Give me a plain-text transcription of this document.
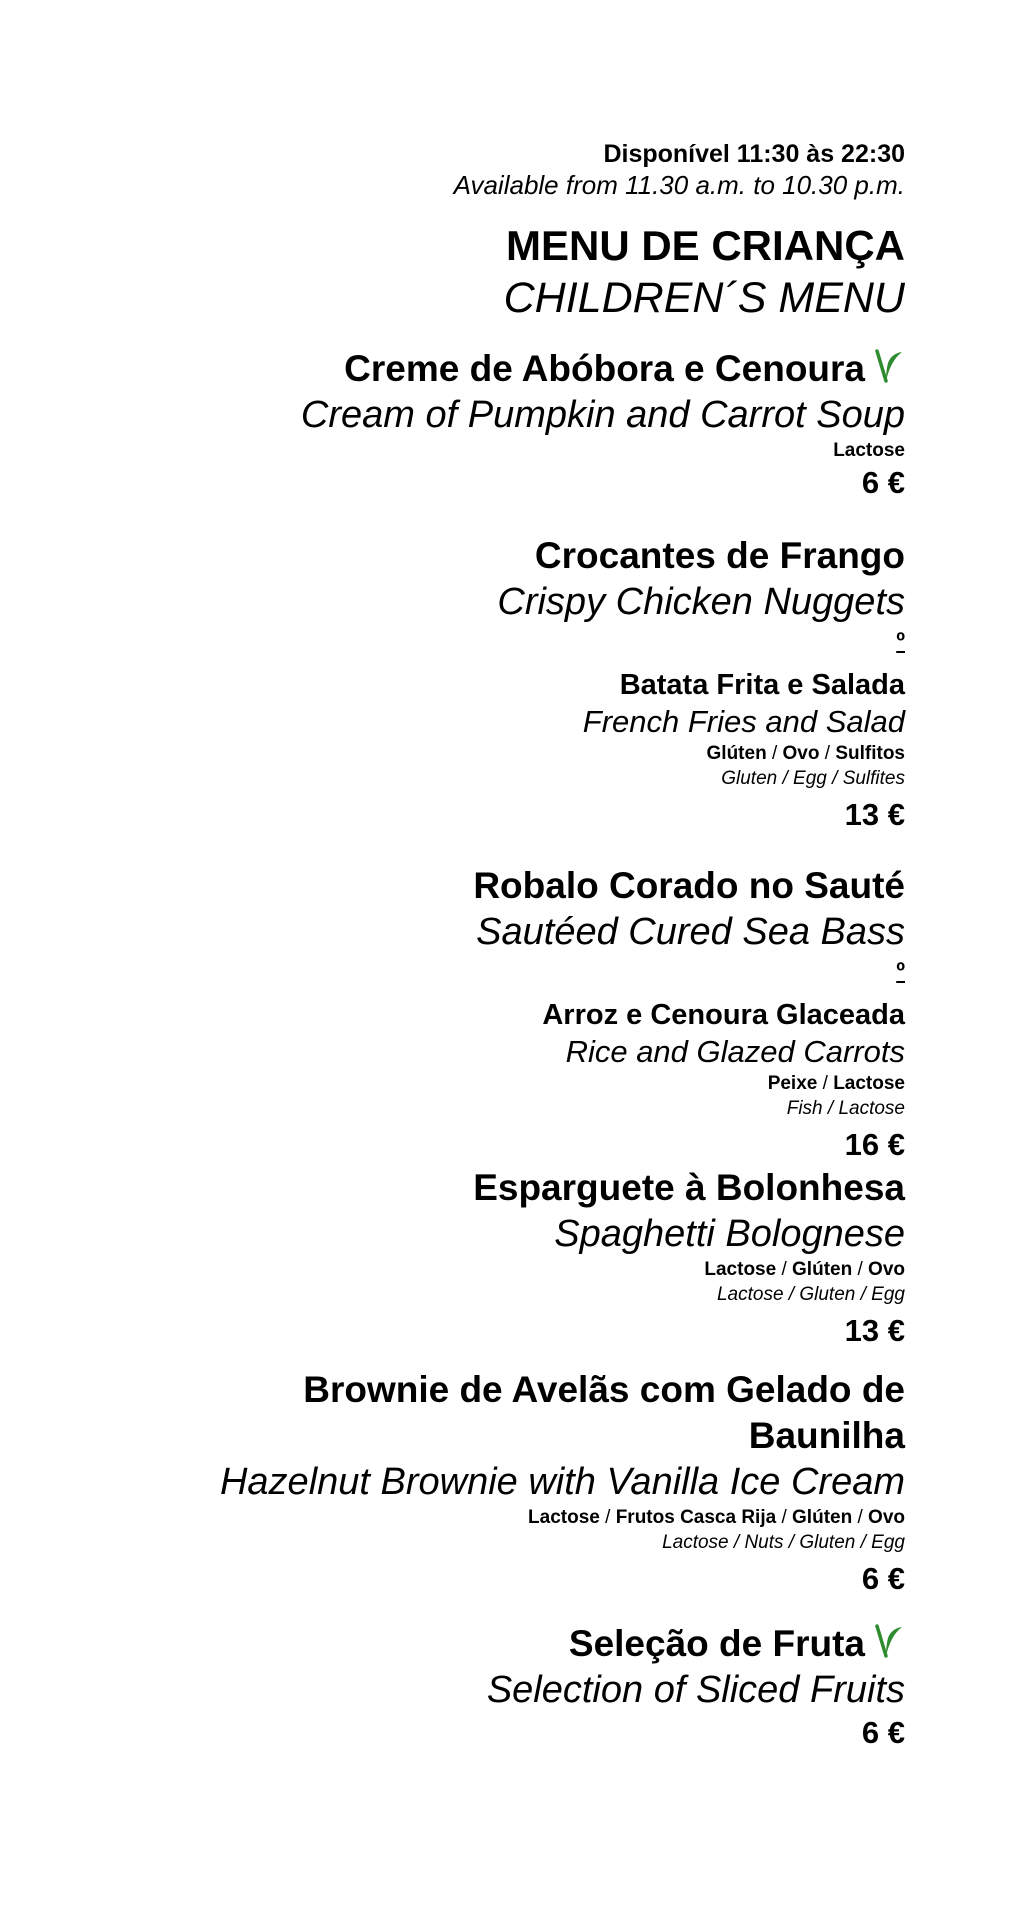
Disponível 11:30 às 22:30
Available from 11.30 a.m. to 10.30 p.m.
MENU DE CRIANÇA
CHILDREN´S MENU
Creme de Abóbora e Cenoura
Cream of Pumpkin and Carrot Soup
Lactose
6 €
Crocantes de Frango
Crispy Chicken Nuggets
º
Batata Frita e Salada
French Fries and Salad
Glúten / Ovo / Sulfitos
Gluten / Egg / Sulfites
13 €
Robalo Corado no Sauté
Sautéed Cured Sea Bass
º
Arroz e Cenoura Glaceada
Rice and Glazed Carrots
Peixe / Lactose
Fish / Lactose
16 €
Esparguete à Bolonhesa
Spaghetti Bolognese
Lactose / Glúten / Ovo
Lactose / Gluten / Egg
13 €
Brownie de Avelãs com Gelado de Baunilha
Hazelnut Brownie with Vanilla Ice Cream
Lactose / Frutos Casca Rija / Glúten / Ovo
Lactose / Nuts / Gluten / Egg
6 €
Seleção de Fruta
Selection of Sliced Fruits
6 €
